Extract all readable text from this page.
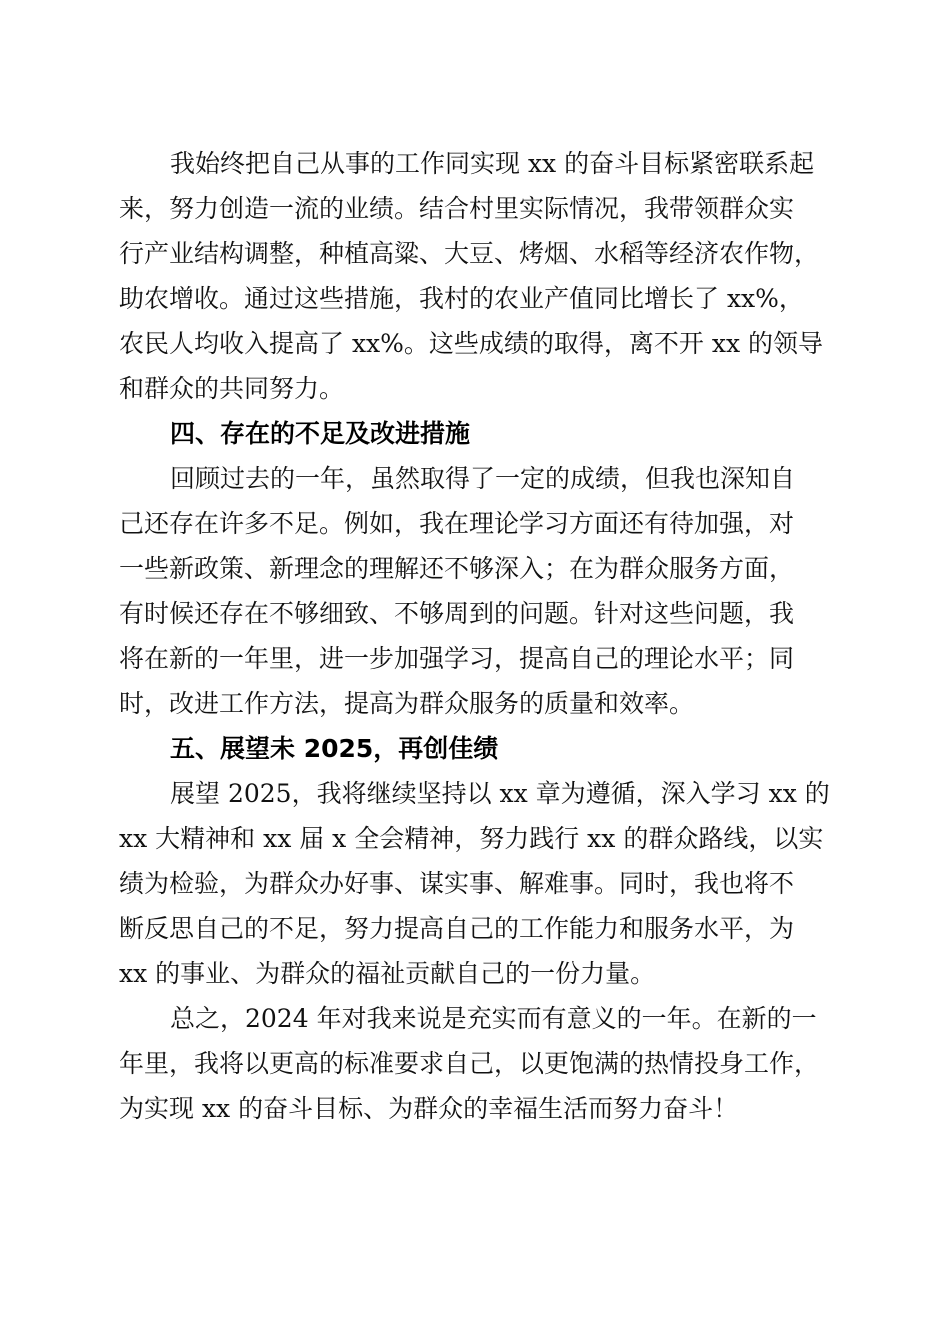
我始终把自己从事的工作同实现 xx 的奋斗目标紧密联系起
来，努力创造一流的业绩。结合村里实际情况，我带领群众实
行产业结构调整，种植高粱、大豆、烤烟、水稻等经济农作物，
助农增收。通过这些措施，我村的农业产值同比增长了 xx%，
农民人均收入提高了 xx%。这些成绩的取得，离不开 xx 的领导
和群众的共同努力。
四、存在的不足及改进措施
回顾过去的一年，虽然取得了一定的成绩，但我也深知自
己还存在许多不足。例如，我在理论学习方面还有待加强，对
一些新政策、新理念的理解还不够深入；在为群众服务方面，
有时候还存在不够细致、不够周到的问题。针对这些问题，我
将在新的一年里，进一步加强学习，提高自己的理论水平；同
时，改进工作方法，提高为群众服务的质量和效率。
五、展望未 2025，再创佳绩
展望 2025，我将继续坚持以 xx 章为遵循，深入学习 xx 的
xx 大精神和 xx 届 x 全会精神，努力践行 xx 的群众路线，以实
绩为检验，为群众办好事、谋实事、解难事。同时，我也将不
断反思自己的不足，努力提高自己的工作能力和服务水平，为
xx 的事业、为群众的福祉贡献自己的一份力量。
总之，2024 年对我来说是充实而有意义的一年。在新的一
年里，我将以更高的标准要求自己，以更饱满的热情投身工作，
为实现 xx 的奋斗目标、为群众的幸福生活而努力奋斗！
